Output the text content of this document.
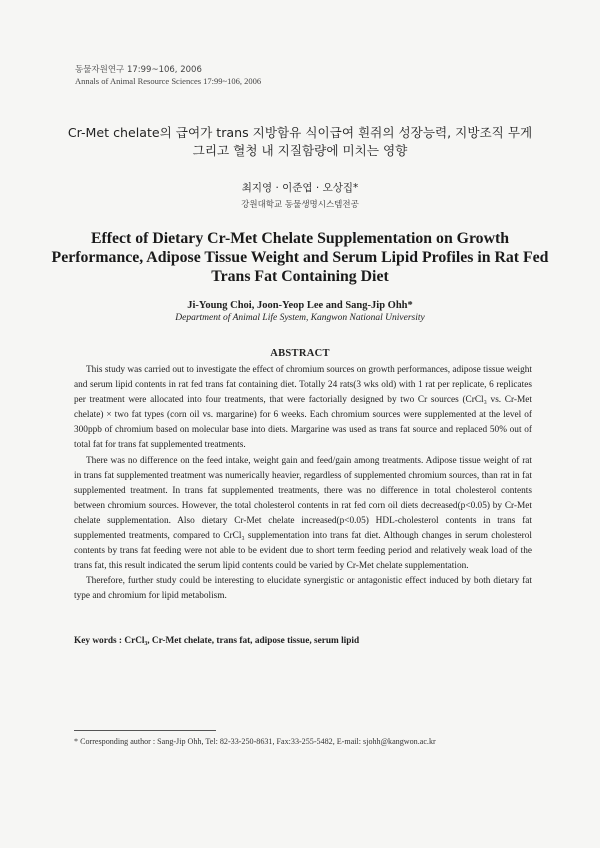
동물자원연구 17:99~106, 2006
Annals of Animal Resource Sciences 17:99~106, 2006
Cr-Met chelate의 급여가 trans 지방함유 식이급여 흰쥐의 성장능력, 지방조직 무게 그리고 혈청 내 지질함량에 미치는 영향
최지영 · 이준엽 · 오상집*
강원대학교 동물생명시스템전공
Effect of Dietary Cr-Met Chelate Supplementation on Growth Performance, Adipose Tissue Weight and Serum Lipid Profiles in Rat Fed Trans Fat Containing Diet
Ji-Young Choi, Joon-Yeop Lee and Sang-Jip Ohh*
Department of Animal Life System, Kangwon National University
ABSTRACT

This study was carried out to investigate the effect of chromium sources on growth performances, adipose tissue weight and serum lipid contents in rat fed trans fat containing diet. Totally 24 rats(3 wks old) with 1 rat per replicate, 6 replicates per treatment were allocated into four treatments, that were factorially designed by two Cr sources (CrCl₃ vs. Cr-Met chelate) × two fat types (corn oil vs. margarine) for 6 weeks. Each chromium sources were supplemented at the level of 300ppb of chromium based on molecular base into diets. Margarine was used as trans fat source and replaced 50% out of total fat for trans fat supplemented treatments.

There was no difference on the feed intake, weight gain and feed/gain among treatments. Adipose tissue weight of rat in trans fat supplemented treatment was numerically heavier, regardless of supplemented chromium sources, than rat in fat supplemented treatment. In trans fat supplemented treatments, there was no difference in total cholesterol contents between chromium sources. However, the total cholesterol contents in rat fed corn oil diets decreased(p<0.05) by Cr-Met chelate supplementation. Also dietary Cr-Met chelate increased(p<0.05) HDL-cholesterol contents in trans fat supplemented treatments, compared to CrCl₃ supplementation into trans fat diet. Although changes in serum cholesterol contents by trans fat feeding were not able to be evident due to short term feeding period and relatively weak load of the trans fat, this result indicated the serum lipid contents could be varied by Cr-Met chelate supplementation.

Therefore, further study could be interesting to elucidate synergistic or antagonistic effect induced by both dietary fat type and chromium for lipid metabolism.

Key words : CrCl₃, Cr-Met chelate, trans fat, adipose tissue, serum lipid
* Corresponding author : Sang-Jip Ohh, Tel: 82-33-250-8631, Fax:33-255-5482, E-mail: sjohh@kangwon.ac.kr
